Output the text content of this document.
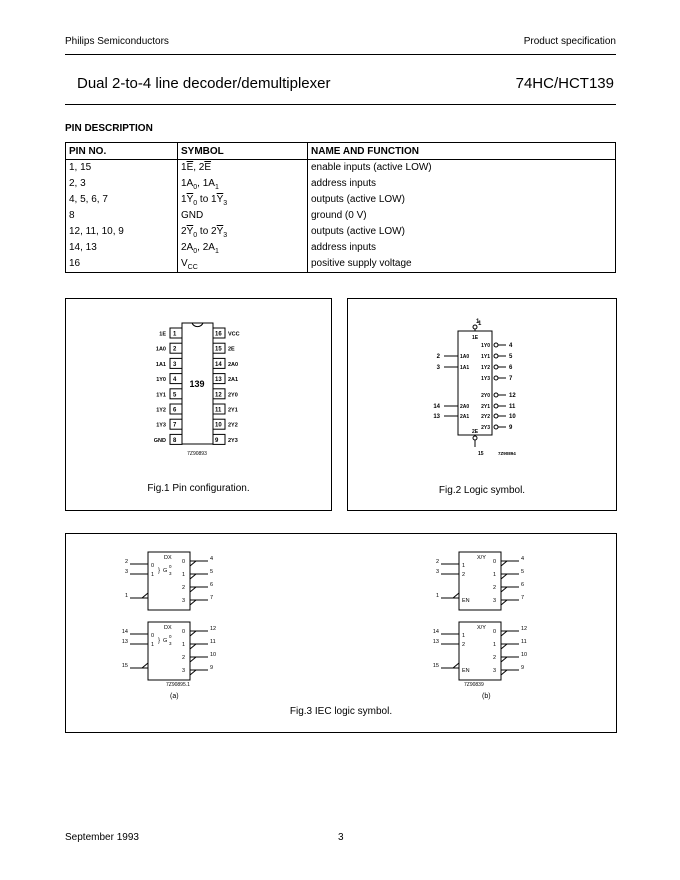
Philips Semiconductors	Product specification
Dual 2-to-4 line decoder/demultiplexer	74HC/HCT139
PIN DESCRIPTION
PIN NO.	SYMBOL	NAME AND FUNCTION
1, 15	$1\overline{E}$, $2\overline{E}$	enable inputs (active LOW)
2, 3	$1A_0$, $1A_1$	address inputs
4, 5, 6, 7	$1\overline{Y}_0$ to $1\overline{Y}_3$	outputs (active LOW)
8	GND	ground (0 V)
12, 11, 10, 9	$2\overline{Y}_0$ to $2\overline{Y}_3$	outputs (active LOW)
14, 13	$2A_0$, $2A_1$	address inputs
16	$V_{CC}$	positive supply voltage
139
1
1E	16 VCC
2
1A0	15 2E
3
1A1	14 2A0
4
1Y0	13 2A1
5
1Y1	12 2Y0
6
1Y2	11 2Y1
7
1Y3	10 2Y2
8
GND	9 2Y3
7Z90893
Fig.1 Pin configuration.
1
1
1E
2E
15	7Z90894
2	1A0
3	1A1
14	2A0
13	2A1
4
1Y0
5
1Y1
6
1Y2
7
1Y3
12
2Y0
11
2Y1
10
2Y2
9
2Y3
Fig.2 Logic symbol.
DX
0
1
} G
0
3
2
3
1
0	4
1	5
2	6
3	7
DX
0
1
} G
0
3
14
13
15
0	12
1	11
2	10
3	9
X/Y
1
2
EN
2
3
1
0	4
1	5
2	6
3	7
X/Y
1
2
EN
14
13
15
0	12
1	11
2	10
3	9
7Z90895.1	7Z90839
(a)	(b)
Fig.3 IEC logic symbol.
September 1993	3
